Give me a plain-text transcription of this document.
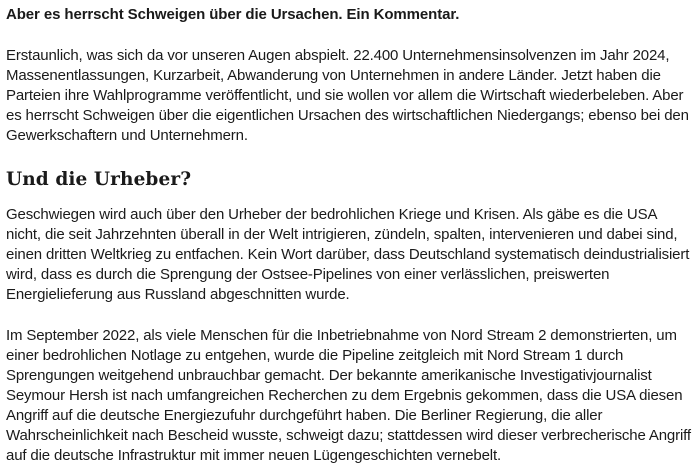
Aber es herrscht Schweigen über die Ursachen. Ein Kommentar.

Erstaunlich, was sich da vor unseren Augen abspielt. 22.400 Unternehmensinsolvenzen im Jahr 2024, Massenentlassungen, Kurzarbeit, Abwanderung von Unternehmen in andere Länder. Jetzt haben die Parteien ihre Wahlprogramme veröffentlicht, und sie wollen vor allem die Wirtschaft wiederbeleben. Aber es herrscht Schweigen über die eigentlichen Ursachen des wirtschaftlichen Niedergangs; ebenso bei den Gewerkschaftern und Unternehmern.

Und die Urheber?

Geschwiegen wird auch über den Urheber der bedrohlichen Kriege und Krisen. Als gäbe es die USA nicht, die seit Jahrzehnten überall in der Welt intrigieren, zündeln, spalten, intervenieren und dabei sind, einen dritten Weltkrieg zu entfachen. Kein Wort darüber, dass Deutschland systematisch deindustrialisiert wird, dass es durch die Sprengung der Ostsee-Pipelines von einer verlässlichen, preiswerten Energielieferung aus Russland abgeschnitten wurde.

Im September 2022, als viele Menschen für die Inbetriebnahme von Nord Stream 2 demonstrierten, um einer bedrohlichen Notlage zu entgehen, wurde die Pipeline zeitgleich mit Nord Stream 1 durch Sprengungen weitgehend unbrauchbar gemacht. Der bekannte amerikanische Investigativjournalist Seymour Hersh ist nach umfangreichen Recherchen zu dem Ergebnis gekommen, dass die USA diesen Angriff auf die deutsche Energiezufuhr durchgeführt haben. Die Berliner Regierung, die aller Wahrscheinlichkeit nach Bescheid wusste, schweigt dazu; stattdessen wird dieser verbrecherische Angriff auf die deutsche Infrastruktur mit immer neuen Lügengeschichten vernebelt.
